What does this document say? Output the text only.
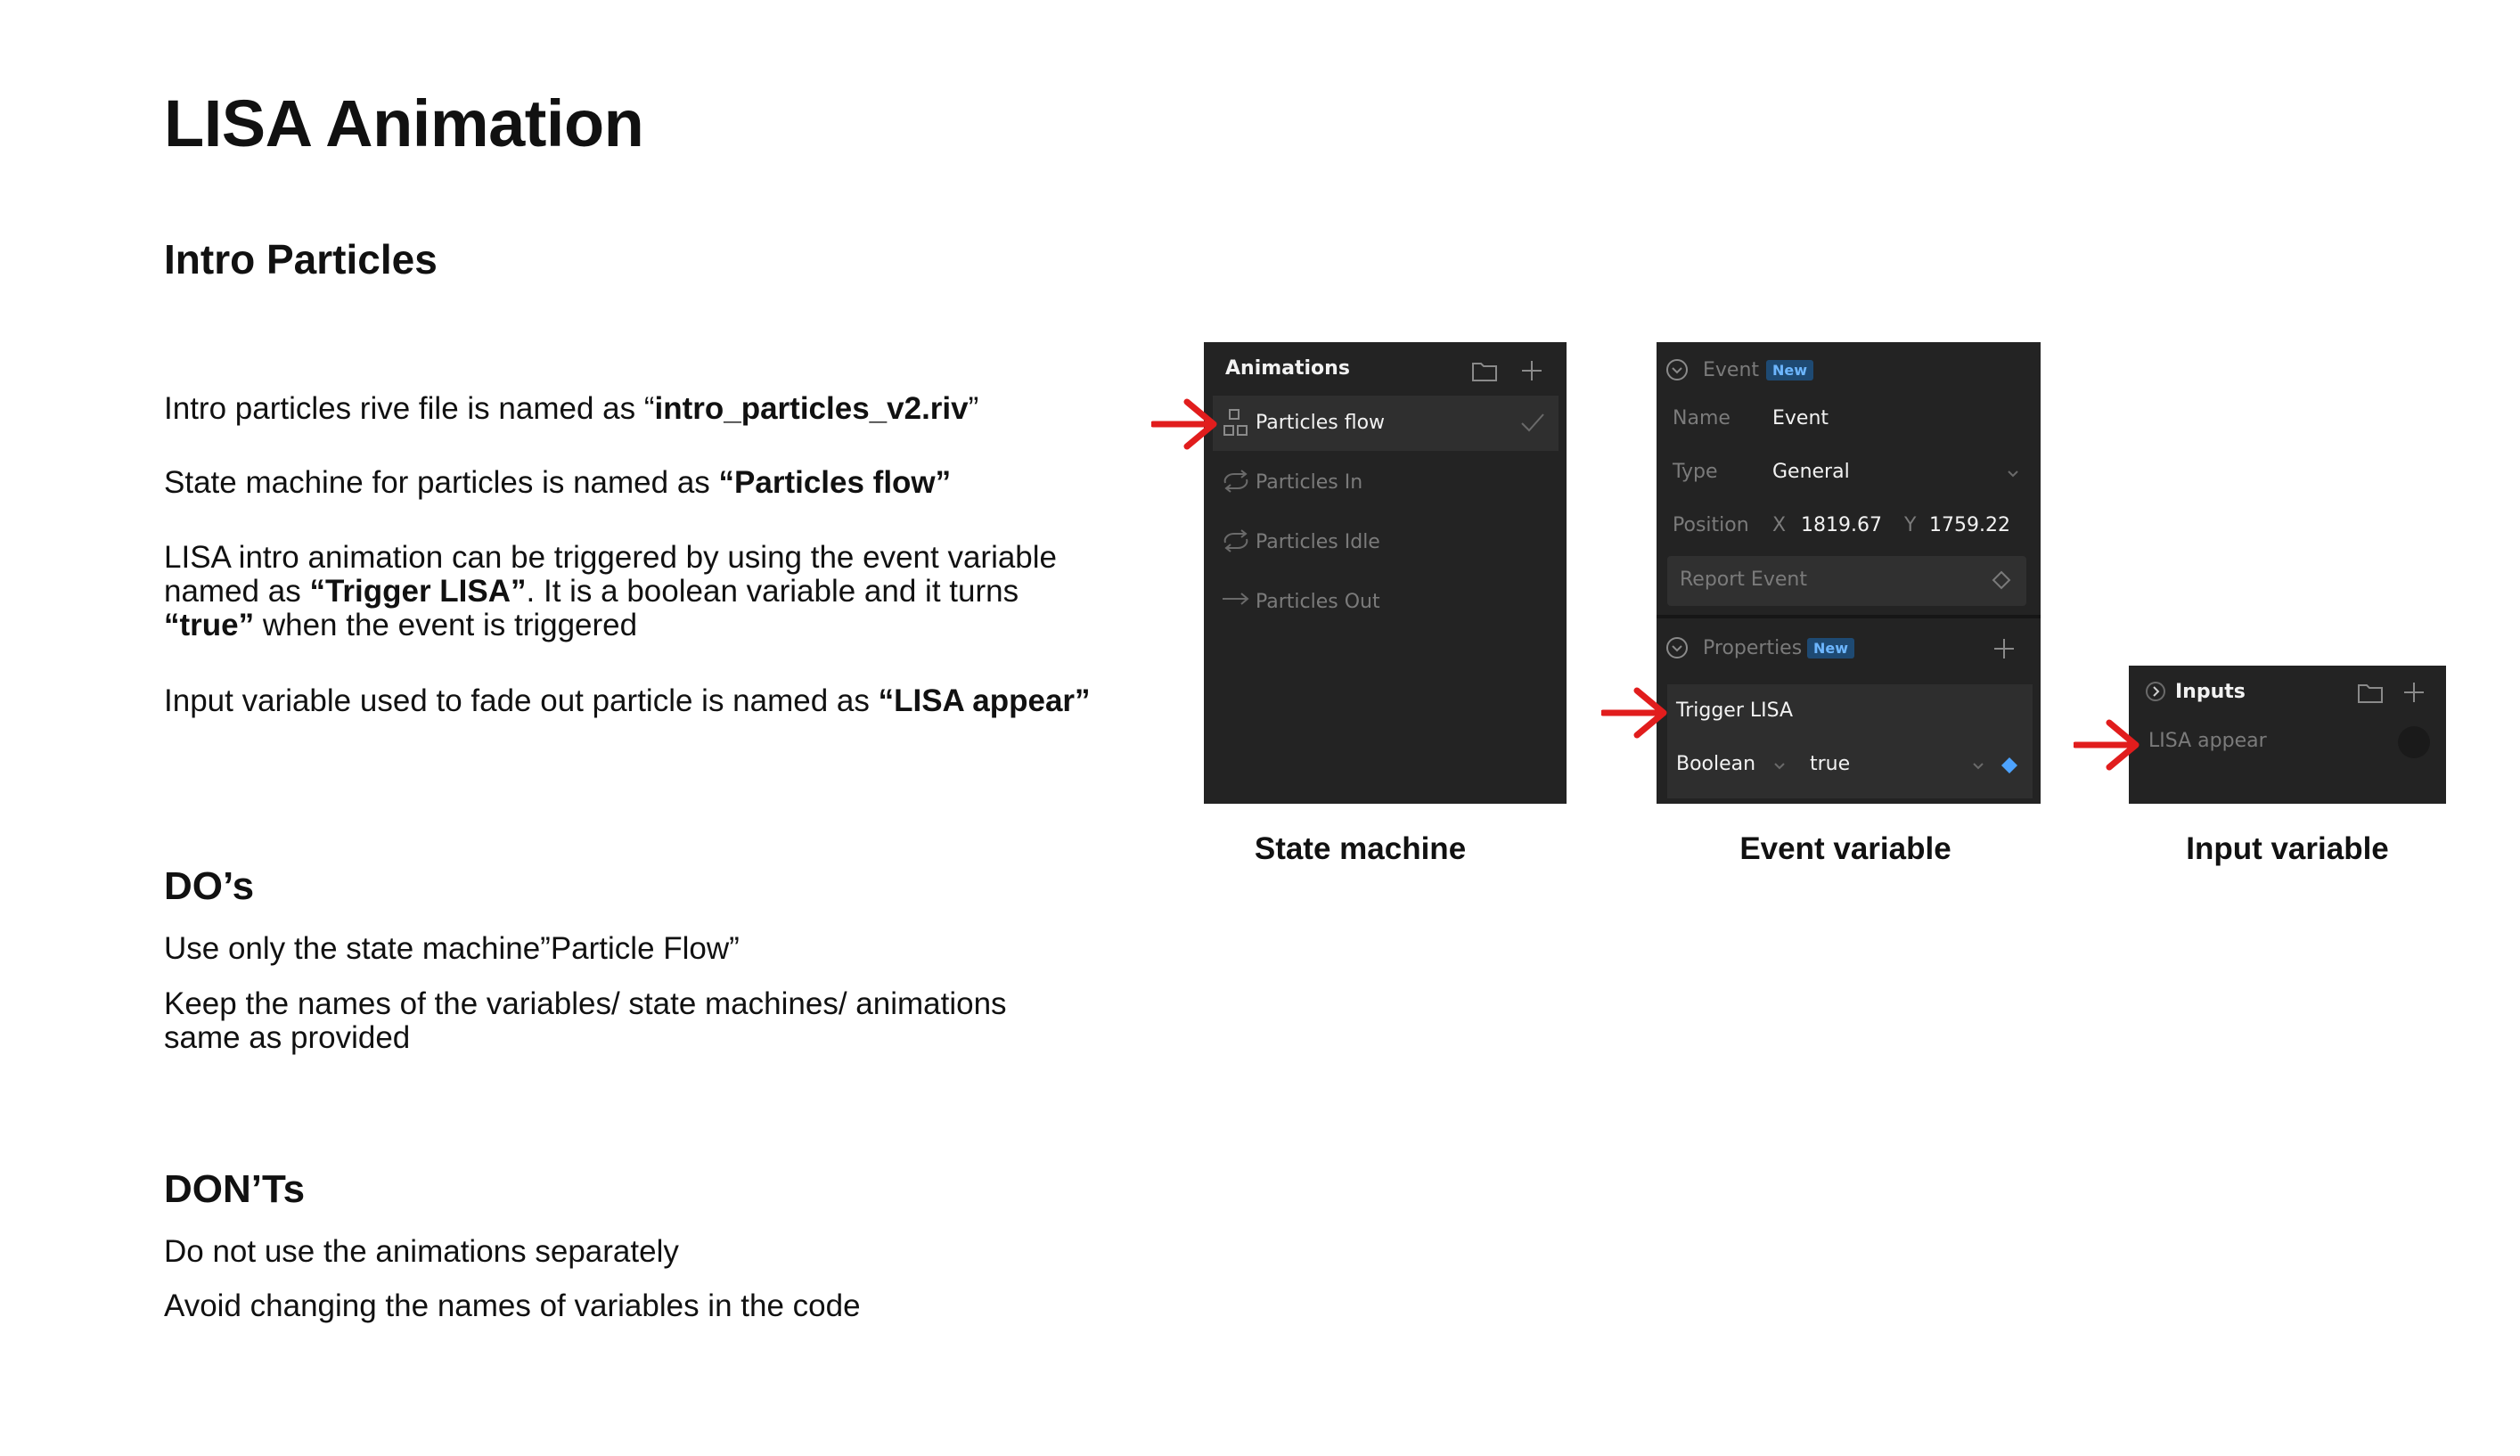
LISA Animation
Intro Particles

Intro particles rive file is named as “intro_particles_v2.riv”

State machine for particles is named as “Particles flow”

LISA intro animation can be triggered by using the event variable
named as “Trigger LISA”. It is a boolean variable and it turns
“true” when the event is triggered

Input variable used to fade out particle is named as “LISA appear”

DO’s

Use only the state machine”Particle Flow”

Keep the names of the variables/ state machines/ animations
same as provided

DON’Ts

Do not use the animations separately

Avoid changing the names of variables in the code

Animations
Particles flow
Particles In
Particles Idle
Particles Out
State machine
Event New
Name Event
Type	General
Position X 1819.67 Y 1759.22
Report Event
Properties New
Trigger LISA
Boolean	true
Event variable
Inputs
LISA appear
Input variable
